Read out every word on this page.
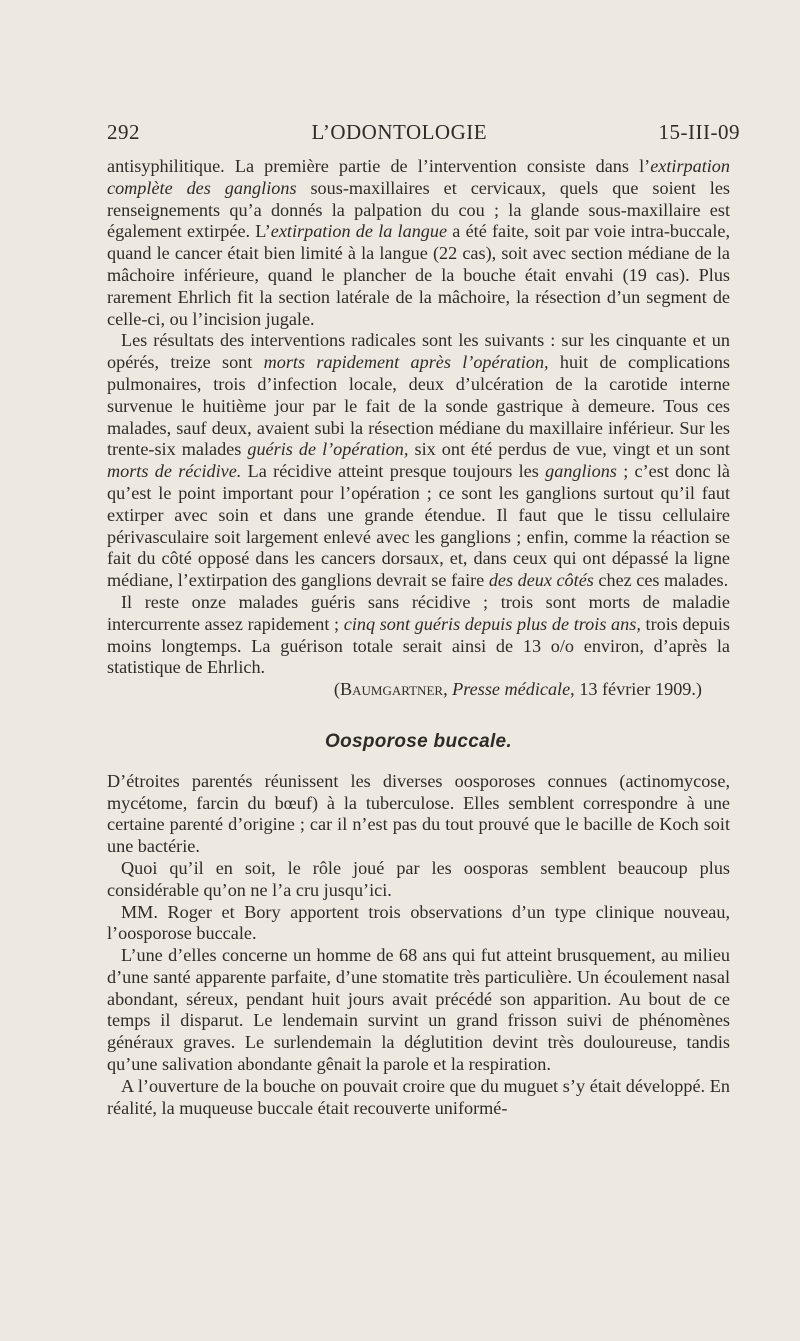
292	L’ODONTOLOGIE	15-III-09

antisyphilitique. La première partie de l’intervention consiste dans l’extirpation complète des ganglions sous-maxillaires et cervicaux, quels que soient les renseignements qu’a donnés la palpation du cou ; la glande sous-maxillaire est également extirpée. L’extirpation de la langue a été faite, soit par voie intra-buccale, quand le cancer était bien limité à la langue (22 cas), soit avec section médiane de la mâchoire inférieure, quand le plancher de la bouche était envahi (19 cas). Plus rarement Ehrlich fit la section latérale de la mâchoire, la résection d’un segment de celle-ci, ou l’incision jugale.

Les résultats des interventions radicales sont les suivants : sur les cinquante et un opérés, treize sont morts rapidement après l’opération, huit de complications pulmonaires, trois d’infection locale, deux d’ulcération de la carotide interne survenue le huitième jour par le fait de la sonde gastrique à demeure. Tous ces malades, sauf deux, avaient subi la résection médiane du maxillaire inférieur. Sur les trente-six malades guéris de l’opération, six ont été perdus de vue, vingt et un sont morts de récidive. La récidive atteint presque toujours les ganglions ; c’est donc là qu’est le point important pour l’opération ; ce sont les ganglions surtout qu’il faut extirper avec soin et dans une grande étendue. Il faut que le tissu cellulaire périvasculaire soit largement enlevé avec les ganglions ; enfin, comme la réaction se fait du côté opposé dans les cancers dorsaux, et, dans ceux qui ont dépassé la ligne médiane, l’extirpation des ganglions devrait se faire des deux côtés chez ces malades.

Il reste onze malades guéris sans récidive ; trois sont morts de maladie intercurrente assez rapidement ; cinq sont guéris depuis plus de trois ans, trois depuis moins longtemps. La guérison totale serait ainsi de 13 o/o environ, d’après la statistique de Ehrlich.

(Baumgartner, Presse médicale, 13 février 1909.)

Oosporose buccale.

D’étroites parentés réunissent les diverses oosporoses connues (actinomycose, mycétome, farcin du bœuf) à la tuberculose. Elles semblent correspondre à une certaine parenté d’origine ; car il n’est pas du tout prouvé que le bacille de Koch soit une bactérie.

Quoi qu’il en soit, le rôle joué par les oosporas semblent beaucoup plus considérable qu’on ne l’a cru jusqu’ici.

MM. Roger et Bory apportent trois observations d’un type clinique nouveau, l’oosporose buccale.

L’une d’elles concerne un homme de 68 ans qui fut atteint brusquement, au milieu d’une santé apparente parfaite, d’une stomatite très particulière. Un écoulement nasal abondant, séreux, pendant huit jours avait précédé son apparition. Au bout de ce temps il disparut. Le lendemain survint un grand frisson suivi de phénomènes généraux graves. Le surlendemain la déglutition devint très douloureuse, tandis qu’une salivation abondante gênait la parole et la respiration.

A l’ouverture de la bouche on pouvait croire que du muguet s’y était développé. En réalité, la muqueuse buccale était recouverte uniformé-
